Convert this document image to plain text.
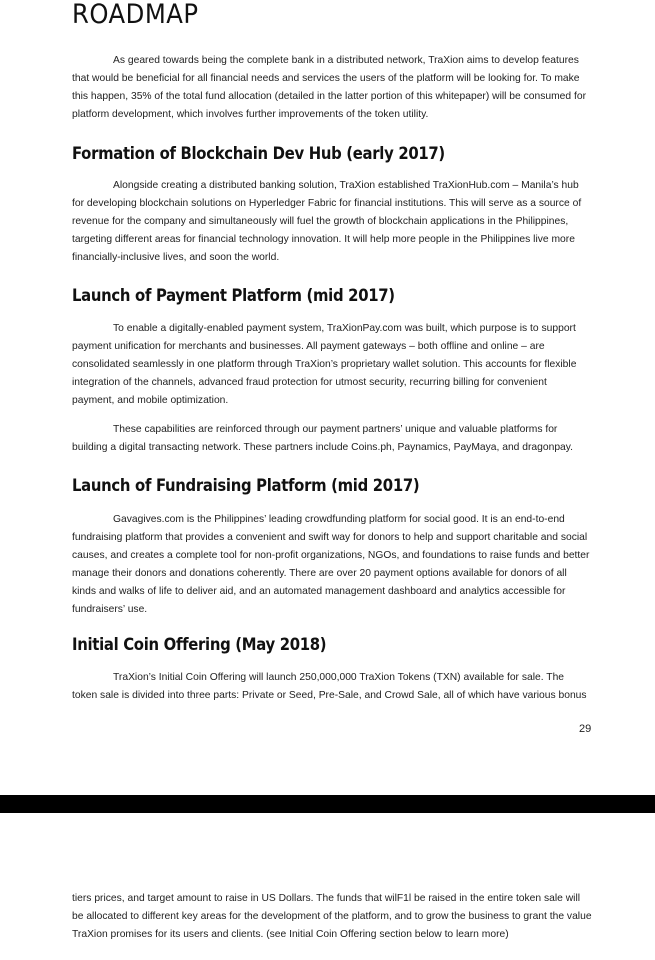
ROADMAP

As geared towards being the complete bank in a distributed network, TraXion aims to develop features that would be beneficial for all financial needs and services the users of the platform will be looking for. To make this happen, 35% of the total fund allocation (detailed in the latter portion of this whitepaper) will be consumed for platform development, which involves further improvements of the token utility.

Formation of Blockchain Dev Hub (early 2017)

Alongside creating a distributed banking solution, TraXion established TraXionHub.com – Manila’s hub for developing blockchain solutions on Hyperledger Fabric for financial institutions. This will serve as a source of revenue for the company and simultaneously will fuel the growth of blockchain applications in the Philippines, targeting different areas for financial technology innovation. It will help more people in the Philippines live more financially-inclusive lives, and soon the world.

Launch of Payment Platform (mid 2017)

To enable a digitally-enabled payment system, TraXionPay.com was built, which purpose is to support payment unification for merchants and businesses. All payment gateways – both offline and online – are consolidated seamlessly in one platform through TraXion’s proprietary wallet solution. This accounts for flexible integration of the channels, advanced fraud protection for utmost security, recurring billing for convenient payment, and mobile optimization.

These capabilities are reinforced through our payment partners’ unique and valuable platforms for building a digital transacting network. These partners include Coins.ph, Paynamics, PayMaya, and dragonpay.

Launch of Fundraising Platform (mid 2017)

Gavagives.com is the Philippines’ leading crowdfunding platform for social good. It is an end-to-end fundraising platform that provides a convenient and swift way for donors to help and support charitable and social causes, and creates a complete tool for non-profit organizations, NGOs, and foundations to raise funds and better manage their donors and donations coherently. There are over 20 payment options available for donors of all kinds and walks of life to deliver aid, and an automated management dashboard and analytics accessible for fundraisers’ use.

Initial Coin Offering (May 2018)

TraXion’s Initial Coin Offering will launch 250,000,000 TraXion Tokens (TXN) available for sale. The token sale is divided into three parts: Private or Seed, Pre-Sale, and Crowd Sale, all of which have various bonus

29

tiers prices, and target amount to raise in US Dollars. The funds that wilF1l be raised in the entire token sale will be allocated to different key areas for the development of the platform, and to grow the business to grant the value TraXion promises for its users and clients. (see Initial Coin Offering section below to learn more)
